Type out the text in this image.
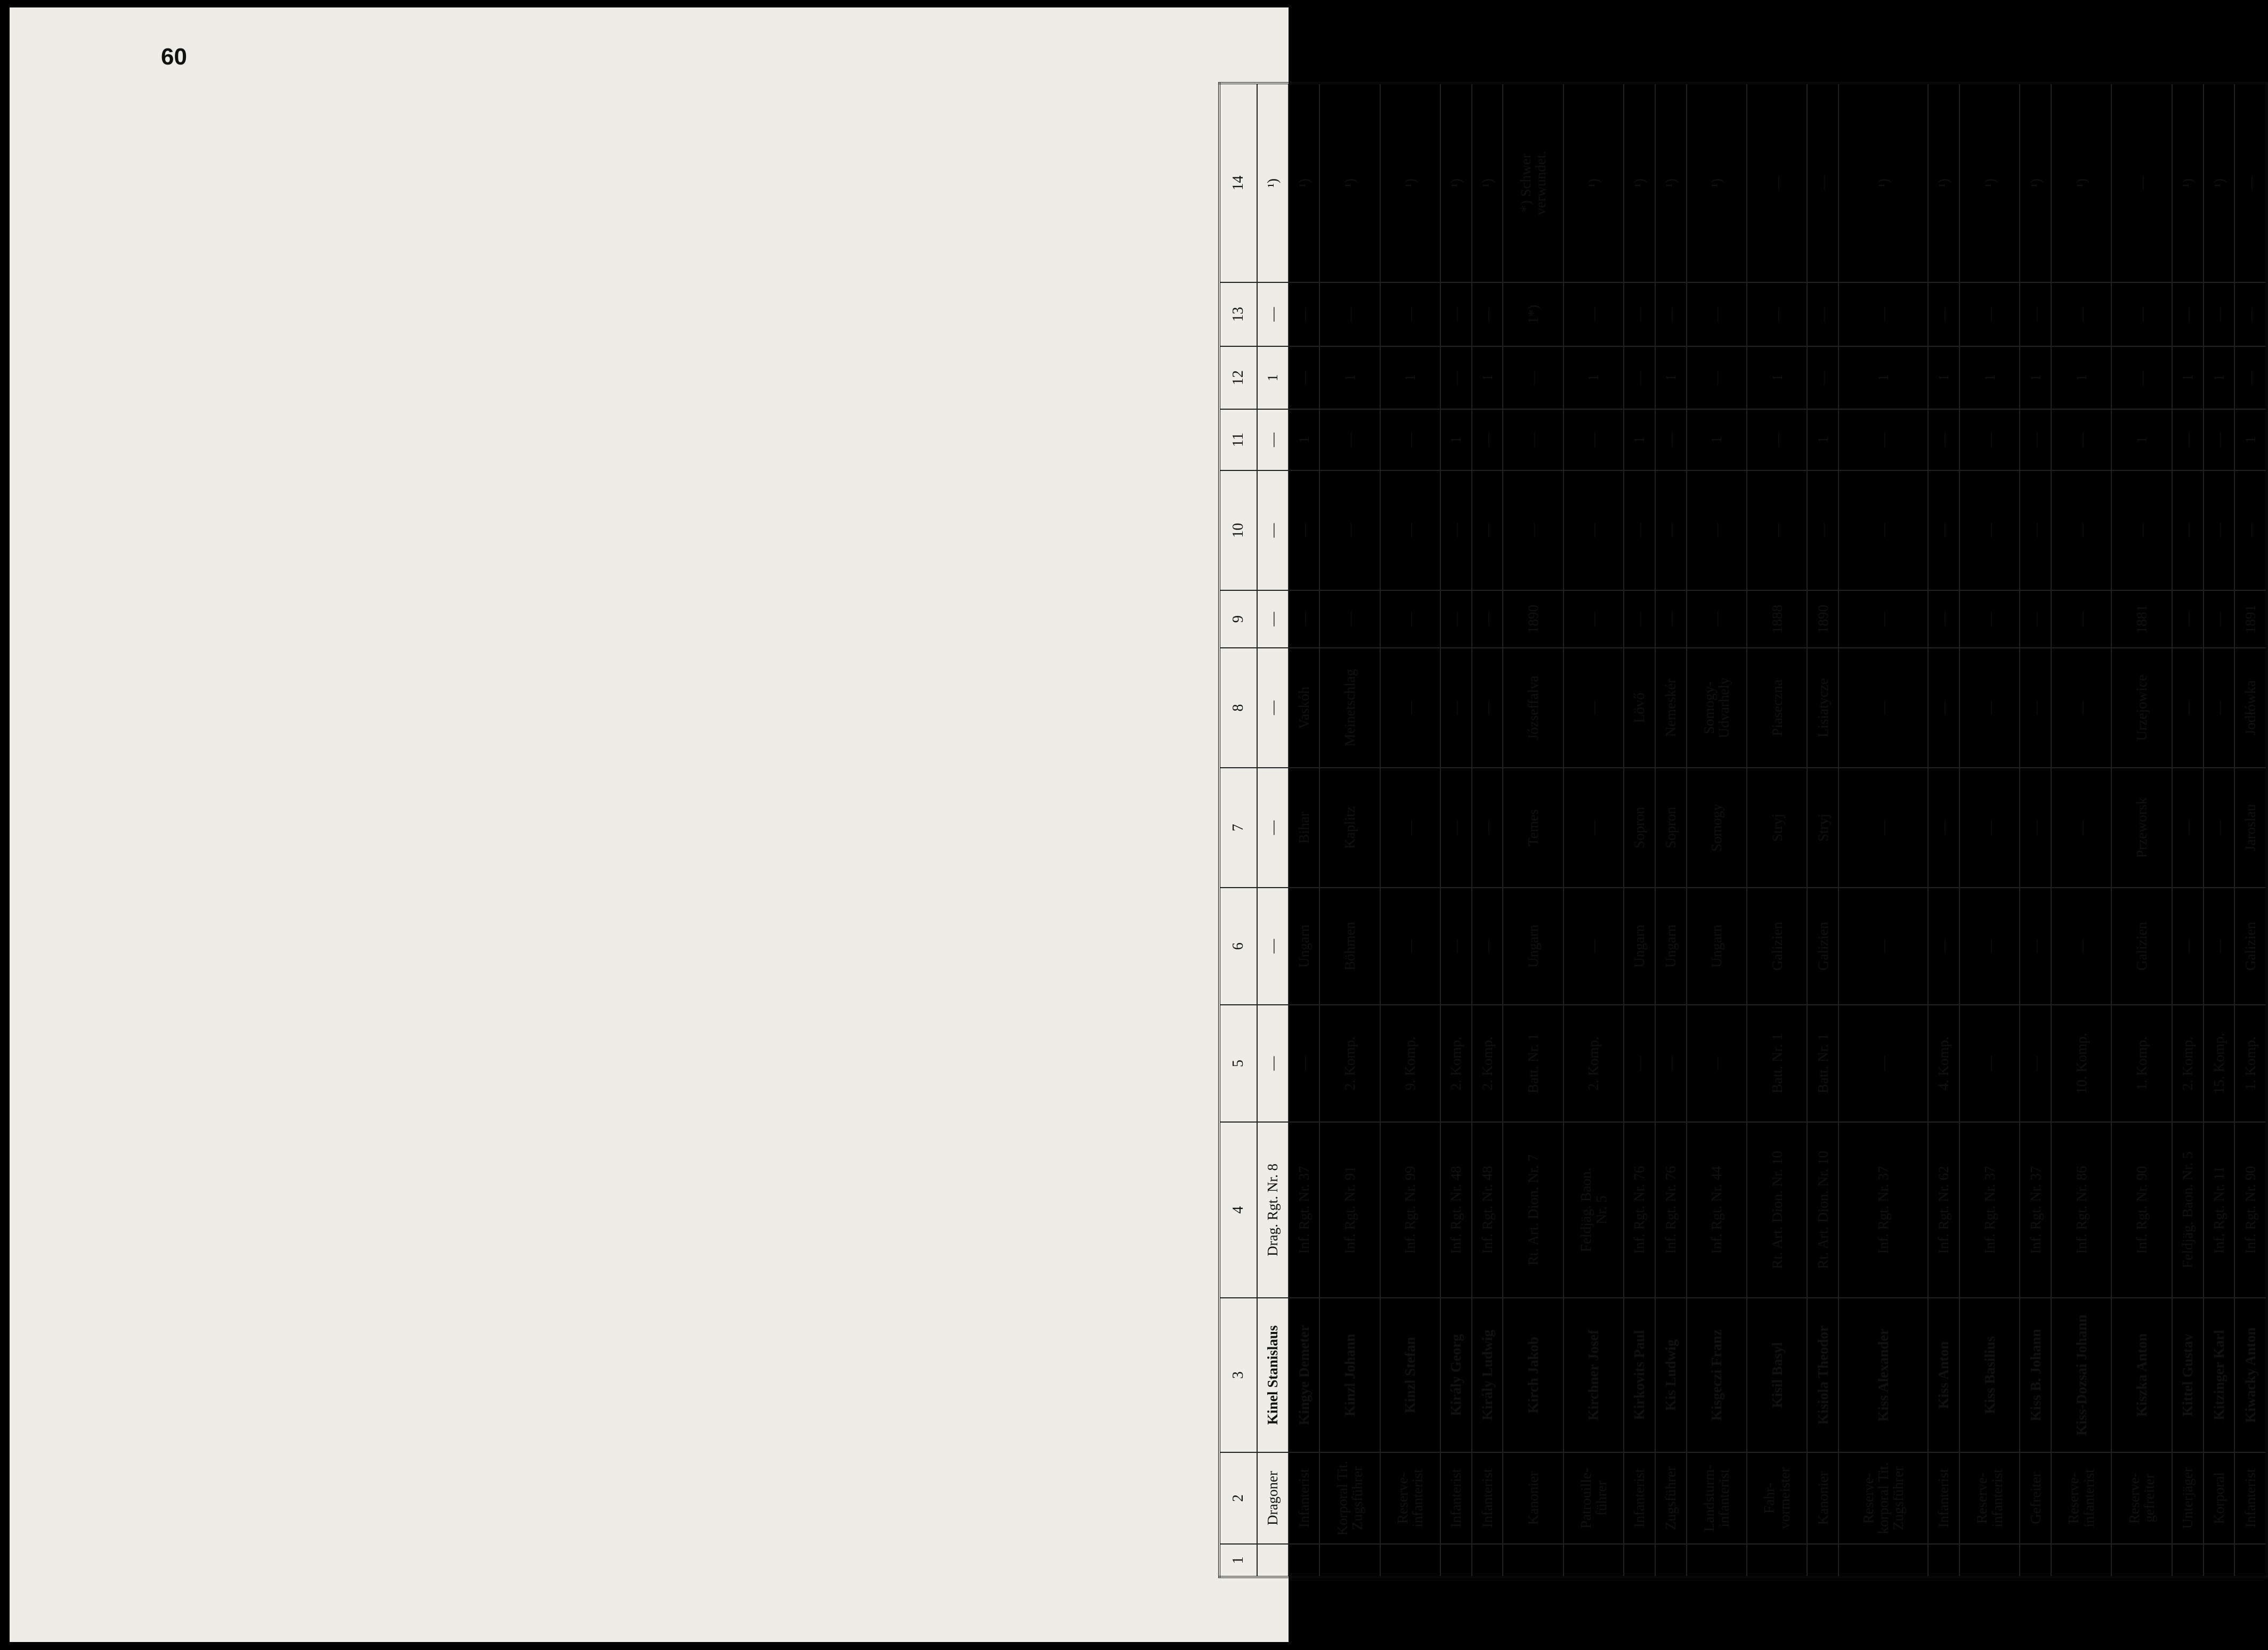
60
1	2	3	4	5	6	7	8	9	10	11	12	13	14
	Dragoner	Kinel Stanislaus	Drag. Rgt. Nr. 8	—	—	—	—	—	—	—	1	—	¹)
	Infanterist	Kingye Demeter	Inf. Rgt. Nr. 37	—	Ungarn	Bihar	Vaskóh	—	—	1	—	—	¹)
	Korporal Tit.
Zugsführer	Kinzl Johann	Inf. Rgt. Nr. 91	2. Komp.	Böhmen	Kaplitz	Meinetschlag	—	—	—	1	—	¹)
	Reserve-
infanterist	Kinzl Stefan	Inf. Rgt. Nr. 99	9. Komp.	—	—	—	—	—	—	1	—	¹)
	Infanterist	Király Georg	Inf. Rgt. Nr. 48	2. Komp.	—	—	—	—	—	1	—	—	¹)
	Infanterist	Király Ludwig	Inf. Rgt. Nr. 48	2. Komp.	—	—	—	—	—	—	1	—	¹)
	Kanonier	Kirch Jakob	Rt. Art. Dion. Nr. 7	Batt. Nr. 1	Ungarn	Temes	Józseffalva	1890	—	—	—	1*)	*) Schwer
verwundet.
	Patrouille-
führer	Kirchner Josef	Feldjäg. Baon.
Nr. 5	2. Komp.	—	—	—	—	—	—	1	—	¹)
	Infanterist	Kirkovits Paul	Inf. Rgt. Nr. 76	—	Ungarn	Sopron	Lövő	—	—	1	—	—	¹)
	Zugsführer	Kis Ludwig	Inf. Rgt. Nr. 76	—	Ungarn	Sopron	Nemeskér	—	—	—	1	—	¹)
	Landsturm-
infanterist	Kisgeczi Franz	Inf. Rgt. Nr. 44	—	Ungarn	Somogy	Somogy-
Udvarhely	—	—	1	—	—	¹)
	Fahr-
vormeister	Kisil Basyl	Rt. Art. Dion. Nr. 10	Batt. Nr. 1	Galizien	Stryj	Piaseczna	1888	—	—	1	—	—
	Kanonier	Kisiola Theodor	Rt. Art. Dion. Nr. 10	Batt. Nr. 1	Galizien	Stryj	Lisiatycze	1890	—	1	—	—	—
	Reserve-
korporal Tit.
Zugsführer	Kiss Alexander	Inf. Rgt. Nr. 37	—	—	—	—	—	—	—	1	—	¹)
	Infanterist	Kiss Anton	Inf. Rgt. Nr. 62	4. Komp.	—	—	—	—	—	—	1	—	¹)
	Reserve-
infanterist	Kiss Basilius	Inf. Rgt. Nr. 37	—	—	—	—	—	—	—	1	—	¹)
	Gefreiter	Kiss B. Johann	Inf. Rgt. Nr. 37	—	—	—	—	—	—	—	1	—	¹)
	Reserve-
infanterist	Kiss-Dozsai Johann	Inf. Rgt. Nr. 86	10. Komp.	—	—	—	—	—	—	1	—	¹)
	Reserve-
gefreiter	Kiszka Anton	Inf. Rgt. Nr. 90	1. Komp.	Galizien	Przeworsk	Urzejowice	1881	—	1	—	—	—
	Unterjäger	Kittel Gustav	Feldjäg. Baon. Nr. 5	2. Komp.	—	—	—	—	—	—	1	—	¹)
	Korporal	Kitzinger Karl	Inf. Rgt. Nr. 11	15. Komp.	—	—	—	—	—	—	1	—	¹)
	Infanterist	Kiwacky Anton	Inf. Rgt. Nr. 90	1. Komp.	Galizien	Jaroslau	Jodłówka	1891	—	1	—	—	—
